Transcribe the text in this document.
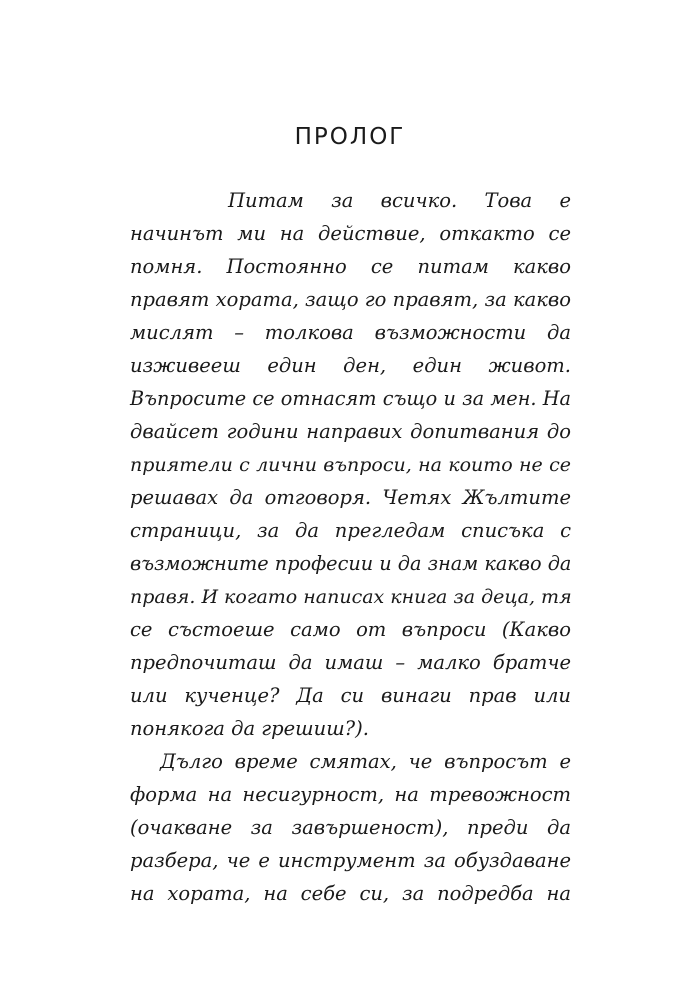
ПРОЛОГ
Питам за всичко. Това е
начинът ми на действие, откакто се
помня. Постоянно се питам какво
правят хората, защо го правят, за какво
мислят – толкова възможности да
изживееш един ден, един живот.
Въпросите се отнасят също и за мен. На
двайсет години направих допитвания до
приятели с лични въпроси, на които не се
решавах да отговоря. Четях Жълтите
страници, за да прегледам списъка с
възможните професии и да знам какво да
правя. И когато написах книга за деца, тя
се състоеше само от въпроси (Какво
предпочиташ да имаш – малко братче
или кученце? Да си винаги прав или
понякога да грешиш?).
Дълго време смятах, че въпросът е
форма на несигурност, на тревожност
(очакване за завършеност), преди да
разбера, че е инструмент за обуздаване
на хората, на себе си, за подредба на
